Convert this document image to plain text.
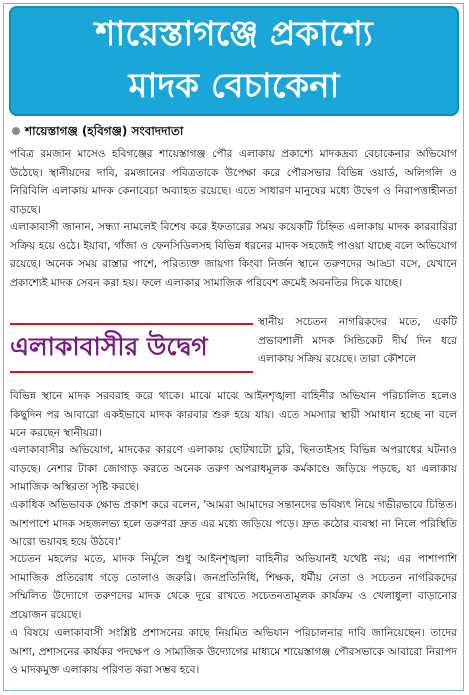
শায়েস্তাগঞ্জে প্রকাশ্যে
মাদক বেচাকেনা
শায়েস্তাগঞ্জ (হবিগঞ্জ) সংবাদদাতা
পবিত্র রমজান মাসেও হবিগঞ্জের শায়েস্তাগঞ্জ পৌর এলাকায় প্রকাশ্যে মাদকদ্রব্য বেচাকেনার অভিযোগ উঠেছে। স্থানীয়দের দাবি, রমজানের পবিত্রতাকে উপেক্ষা করে পৌরসভার বিভিন্ন ওয়ার্ড, অলিগলি ও নিরিবিলি এলাকায় মাদক কেনাবেচা অব্যাহত রয়েছে। এতে সাধারণ মানুষের মধ্যে উদ্বেগ ও নিরাপত্তাহীনতা বাড়ছে।
এলাকাবাসী জানান, সন্ধ্যা নামলেই বিশেষ করে ইফতারের সময় কয়েকটি চিহ্নিত এলাকায় মাদক কারবারিরা সক্রিয় হয়ে ওঠে। ইয়াবা, গাঁজা ও ফেনসিডিলসহ বিভিন্ন ধরনের মাদক সহজেই পাওয়া যাচ্ছে বলে অভিযোগ রয়েছে। অনেক সময় রাস্তার পাশে, পরিত্যক্ত জায়গা কিংবা নির্জন স্থানে তরুণদের আড্ডা বসে, যেখানে প্রকাশ্যেই মাদক সেবন করা হয়। ফলে এলাকার সামাজিক পরিবেশ ক্রমেই অবনতির দিকে যাচ্ছে।
এলাকাবাসীর উদ্বেগ
স্থানীয় সচেতন নাগরিকদের মতে, একটি প্রভাবশালী মাদক সিন্ডিকেট দীর্ঘ দিন ধরে এলাকায় সক্রিয় রয়েছে। তারা কৌশলে
বিভিন্ন স্থানে মাদক সরবরাহ করে থাকে। মাঝে মাঝে আইনশৃঙ্খলা বাহিনীর অভিযান পরিচালিত হলেও কিছুদিন পর আবারো একইভাবে মাদক কারবার শুরু হয়ে যায়। এতে সমস্যার স্থায়ী সমাধান হচ্ছে না বলে মনে করছেন স্থানীয়রা।
এলাকাবাসীর অভিযোগ, মাদকের কারণে এলাকায় ছোটখাটো চুরি, ছিনতাইসহ বিভিন্ন অপরাধের ঘটনাও বাড়ছে। নেশার টাকা জোগাড় করতে অনেক তরুণ অপরাধমূলক কর্মকাণ্ডে জড়িয়ে পড়ছে, যা এলাকায় সামাজিক অস্থিরতা সৃষ্টি করছে।
একাধিক অভিভাবক ক্ষোভ প্রকাশ করে বলেন, 'আমরা আমাদের সন্তানদের ভবিষ্যৎ নিয়ে গভীরভাবে চিন্তিত। আশপাশে মাদক সহজলভ্য হলে তরুণরা দ্রুত এর মধ্যে জড়িয়ে পড়ে। দ্রুত কঠোর ব্যবস্থা না নিলে পরিস্থিতি আরো ভয়াবহ হয়ে উঠবে।'
সচেতন মহলের মতে, মাদক নির্মূলে শুধু আইনশৃঙ্খলা বাহিনীর অভিযানই যথেষ্ট নয়; এর পাশাপাশি সামাজিক প্রতিরোধ গড়ে তোলাও জরুরি। জনপ্রতিনিধি, শিক্ষক, ধর্মীয় নেতা ও সচেতন নাগরিকদের সম্মিলিত উদ্যোগে তরুণদের মাদক থেকে দূরে রাখতে সচেতনতামূলক কার্যক্রম ও খেলাধুলা বাড়ানোর প্রয়োজন রয়েছে।
এ বিষয়ে এলাকাবাসী সংশ্লিষ্ট প্রশাসনের কাছে নিয়মিত অভিযান পরিচালনার দাবি জানিয়েছেন। তাদের আশা, প্রশাসনের কার্যকর পদক্ষেপ ও সামাজিক উদ্যোগের মাধ্যমে শায়েস্তাগঞ্জ পৌরসভাকে আবারো নিরাপদ ও মাদকমুক্ত এলাকায় পরিণত করা সম্ভব হবে।
